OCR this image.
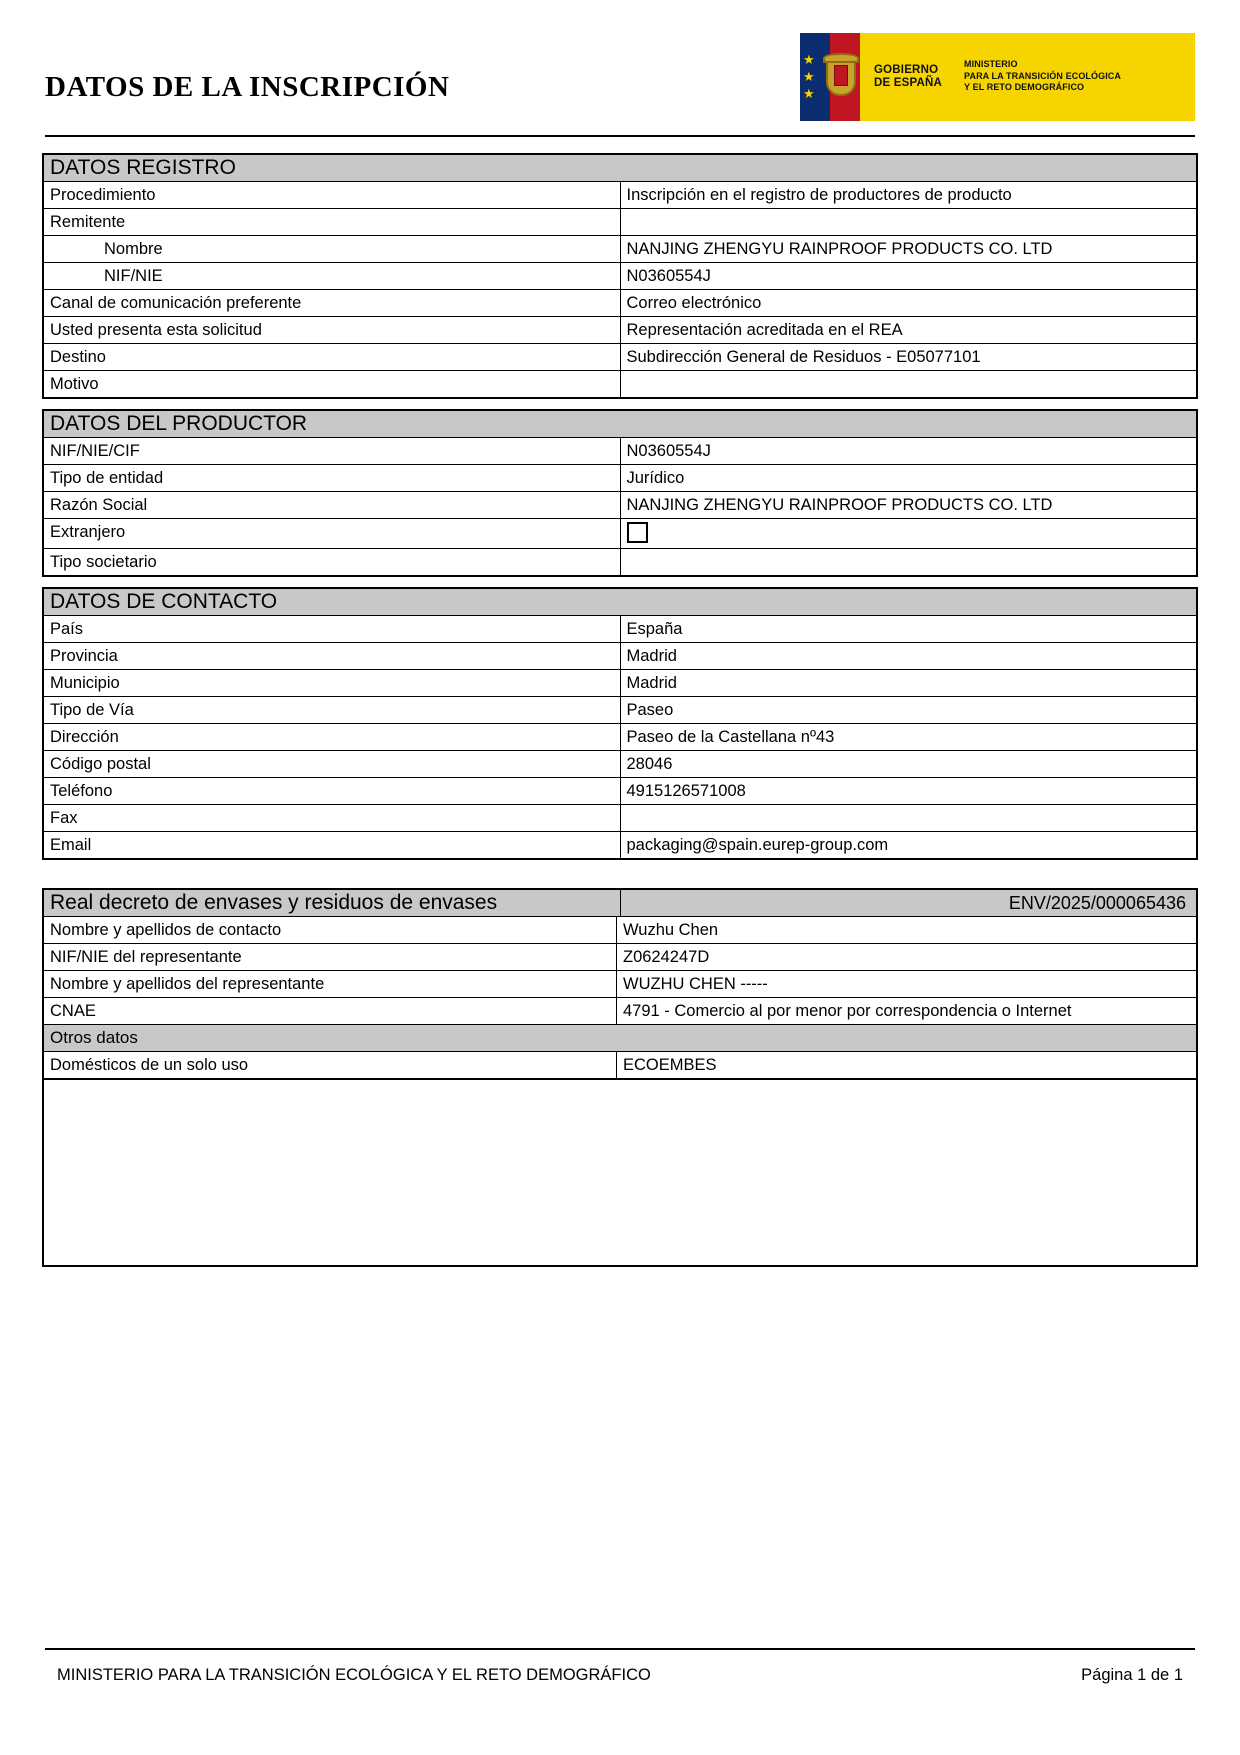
DATOS DE LA INSCRIPCIÓN
★
★
★
GOBIERNO
DE ESPAÑA
MINISTERIO
PARA LA TRANSICIÓN ECOLÓGICA
Y EL RETO DEMOGRÁFICO
DATOS REGISTRO	
Procedimiento	Inscripción en el registro de productores de producto
Remitente	
Nombre	NANJING ZHENGYU RAINPROOF PRODUCTS CO. LTD
NIF/NIE	N0360554J
Canal de comunicación preferente	Correo electrónico
Usted presenta esta solicitud	Representación acreditada en el REA
Destino	Subdirección General de Residuos - E05077101
Motivo	
DATOS DEL PRODUCTOR	
NIF/NIE/CIF	N0360554J
Tipo de entidad	Jurídico
Razón Social	NANJING ZHENGYU RAINPROOF PRODUCTS CO. LTD
Extranjero	
Tipo societario	
DATOS DE CONTACTO	
País	España
Provincia	Madrid
Municipio	Madrid
Tipo de Vía	Paseo
Dirección	Paseo de la Castellana nº43
Código postal	28046
Teléfono	4915126571008
Fax	
Email	packaging@spain.eurep-group.com
Real decreto de envases y residuos de envases	ENV/2025/000065436
Nombre y apellidos de contacto	Wuzhu Chen
NIF/NIE del representante	Z0624247D
Nombre y apellidos del representante	WUZHU CHEN -----
CNAE	4791 - Comercio al por menor por correspondencia o Internet
Otros datos	
Domésticos de un solo uso	ECOEMBES
MINISTERIO PARA LA TRANSICIÓN ECOLÓGICA Y EL RETO DEMOGRÁFICO	Página 1 de 1
